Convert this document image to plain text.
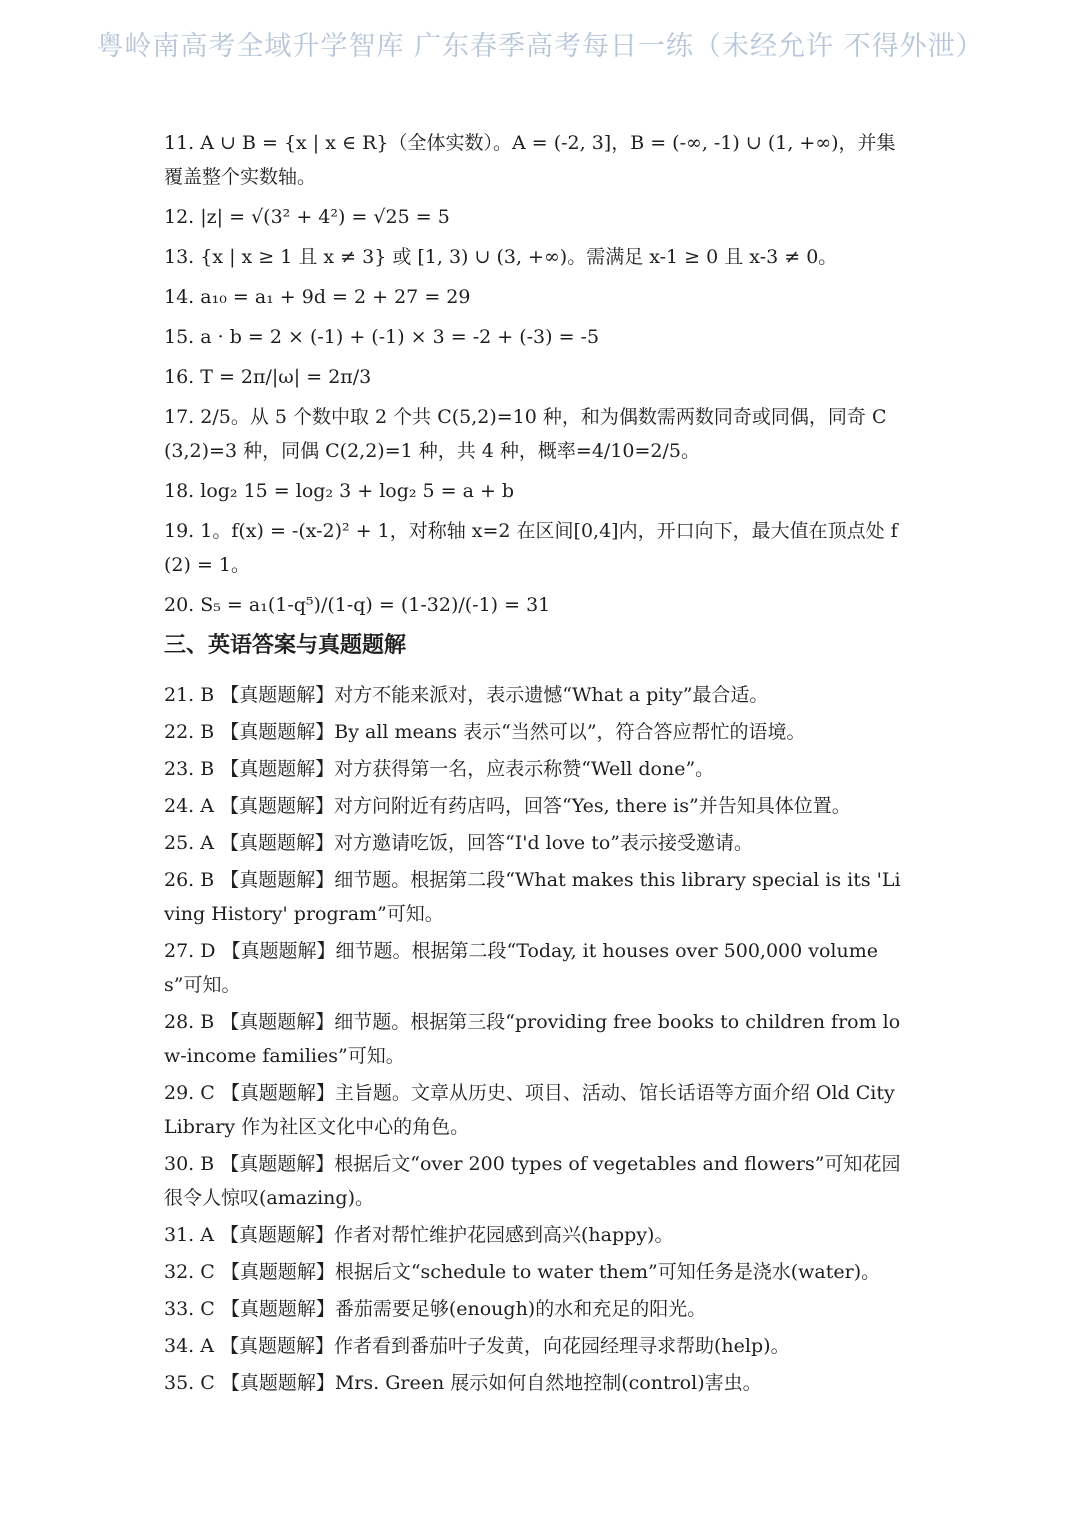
粤岭南高考全域升学智库 广东春季高考每日一练（未经允许 不得外泄）
11. A ∪ B = {x | x ∈ R}（全体实数）。A = (-2, 3]，B = (-∞, -1) ∪ (1, +∞)，并集覆盖整个实数轴。
12. |z| = √(3² + 4²) = √25 = 5
13. {x | x ≥ 1 且 x ≠ 3} 或 [1, 3) ∪ (3, +∞)。需满足 x-1 ≥ 0 且 x-3 ≠ 0。
14. a₁₀ = a₁ + 9d = 2 + 27 = 29
15. a · b = 2 × (-1) + (-1) × 3 = -2 + (-3) = -5
16. T = 2π/|ω| = 2π/3
17. 2/5。从 5 个数中取 2 个共 C(5,2)=10 种，和为偶数需两数同奇或同偶，同奇 C(3,2)=3 种，同偶 C(2,2)=1 种，共 4 种，概率=4/10=2/5。
18. log₂ 15 = log₂ 3 + log₂ 5 = a + b
19. 1。f(x) = -(x-2)² + 1，对称轴 x=2 在区间[0,4]内，开口向下，最大值在顶点处 f(2) = 1。
20. S₅ = a₁(1-q⁵)/(1-q) = (1-32)/(-1) = 31
三、英语答案与真题题解
21. B 【真题题解】对方不能来派对，表示遗憾“What a pity”最合适。
22. B 【真题题解】By all means 表示“当然可以”，符合答应帮忙的语境。
23. B 【真题题解】对方获得第一名，应表示称赞“Well done”。
24. A 【真题题解】对方问附近有药店吗，回答“Yes, there is”并告知具体位置。
25. A 【真题题解】对方邀请吃饭，回答“I'd love to”表示接受邀请。
26. B 【真题题解】细节题。根据第二段“What makes this library special is its 'Living History' program”可知。
27. D 【真题题解】细节题。根据第二段“Today, it houses over 500,000 volumes”可知。
28. B 【真题题解】细节题。根据第三段“providing free books to children from low-income families”可知。
29. C 【真题题解】主旨题。文章从历史、项目、活动、馆长话语等方面介绍 Old City Library 作为社区文化中心的角色。
30. B 【真题题解】根据后文“over 200 types of vegetables and flowers”可知花园很令人惊叹(amazing)。
31. A 【真题题解】作者对帮忙维护花园感到高兴(happy)。
32. C 【真题题解】根据后文“schedule to water them”可知任务是浇水(water)。
33. C 【真题题解】番茄需要足够(enough)的水和充足的阳光。
34. A 【真题题解】作者看到番茄叶子发黄，向花园经理寻求帮助(help)。
35. C 【真题题解】Mrs. Green 展示如何自然地控制(control)害虫。
